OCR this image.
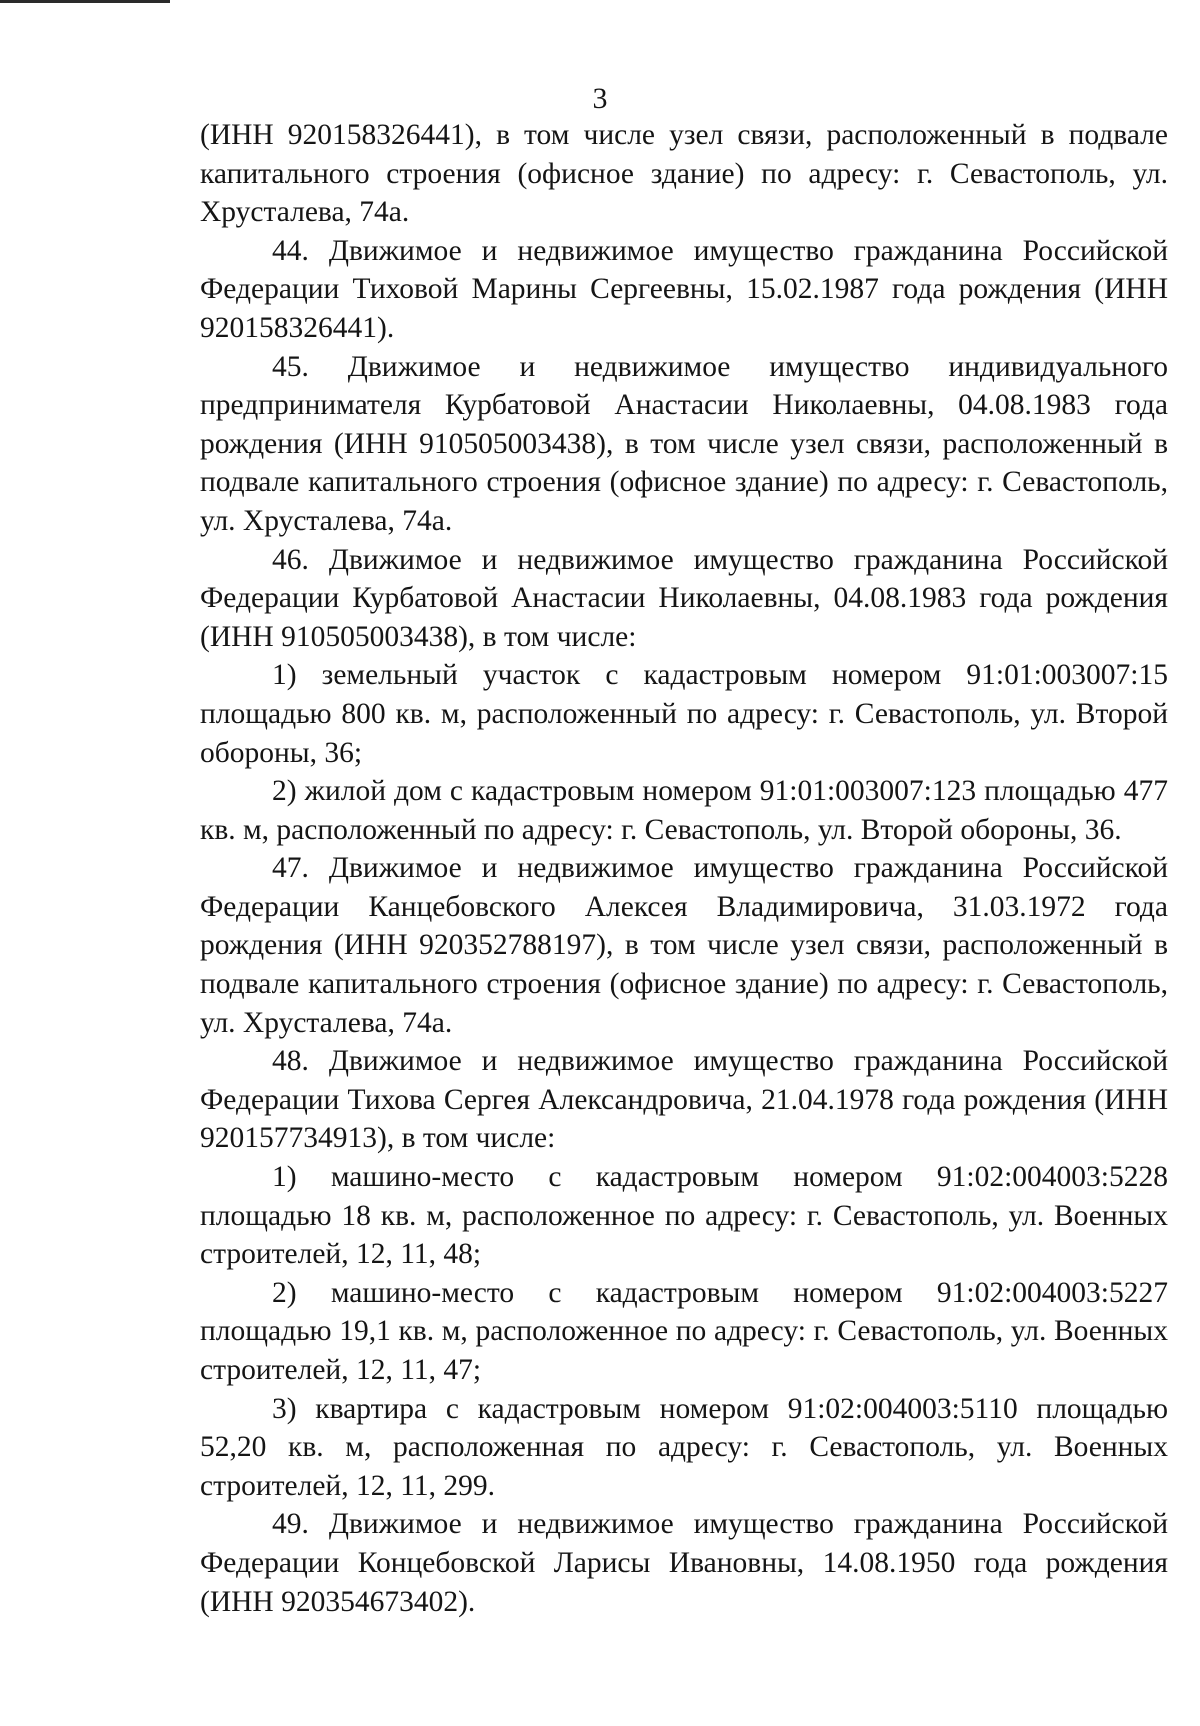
3

(ИНН 920158326441), в том числе узел связи, расположенный в подвале капитального строения (офисное здание) по адресу: г. Севастополь, ул. Хрусталева, 74а.

44. Движимое и недвижимое имущество гражданина Российской Федерации Тиховой Марины Сергеевны, 15.02.1987 года рождения (ИНН 920158326441).

45. Движимое и недвижимое имущество индивидуального предпринимателя Курбатовой Анастасии Николаевны, 04.08.1983 года рождения (ИНН 910505003438), в том числе узел связи, расположенный в подвале капитального строения (офисное здание) по адресу: г. Севастополь, ул. Хрусталева, 74а.

46. Движимое и недвижимое имущество гражданина Российской Федерации Курбатовой Анастасии Николаевны, 04.08.1983 года рождения (ИНН 910505003438), в том числе:

1) земельный участок с кадастровым номером 91:01:003007:15 площадью 800 кв. м, расположенный по адресу: г. Севастополь, ул. Второй обороны, 36;

2) жилой дом с кадастровым номером 91:01:003007:123 площадью 477 кв. м, расположенный по адресу: г. Севастополь, ул. Второй обороны, 36.

47. Движимое и недвижимое имущество гражданина Российской Федерации Канцебовского Алексея Владимировича, 31.03.1972 года рождения (ИНН 920352788197), в том числе узел связи, расположенный в подвале капитального строения (офисное здание) по адресу: г. Севастополь, ул. Хрусталева, 74а.

48. Движимое и недвижимое имущество гражданина Российской Федерации Тихова Сергея Александровича, 21.04.1978 года рождения (ИНН 920157734913), в том числе:

1) машино-место с кадастровым номером 91:02:004003:5228 площадью 18 кв. м, расположенное по адресу: г. Севастополь, ул. Военных строителей, 12, 11, 48;

2) машино-место с кадастровым номером 91:02:004003:5227 площадью 19,1 кв. м, расположенное по адресу: г. Севастополь, ул. Военных строителей, 12, 11, 47;

3) квартира с кадастровым номером 91:02:004003:5110 площадью 52,20 кв. м, расположенная по адресу: г. Севастополь, ул. Военных строителей, 12, 11, 299.

49. Движимое и недвижимое имущество гражданина Российской Федерации Концебовской Ларисы Ивановны, 14.08.1950 года рождения (ИНН 920354673402).
